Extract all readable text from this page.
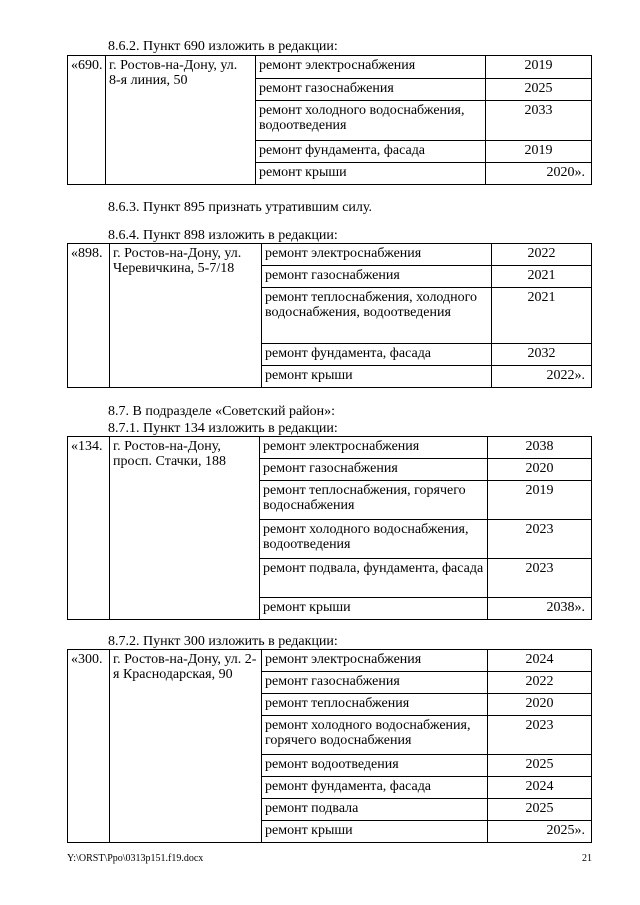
8.6.2. Пункт 690 изложить в редакции:
«690.	г. Ростов-на-Дону, ул. 8-я линия, 50	ремонт электроснабжения	2019
		ремонт газоснабжения	2025
		ремонт холодного водоснабжения, водоотведения	2033
		ремонт фундамента, фасада	2019
		ремонт крыши	2020».
8.6.3. Пункт 895 признать утратившим силу.
8.6.4. Пункт 898 изложить в редакции:
«898.	г. Ростов-на-Дону, ул. Черевичкина, 5-7/18	ремонт электроснабжения	2022
		ремонт газоснабжения	2021
		ремонт теплоснабжения, холодного водоснабжения, водоотведения	2021
		ремонт фундамента, фасада	2032
		ремонт крыши	2022».
8.7. В подразделе «Советский район»:
8.7.1. Пункт 134 изложить в редакции:
«134.	г. Ростов-на-Дону, просп. Стачки, 188	ремонт электроснабжения	2038
		ремонт газоснабжения	2020
		ремонт теплоснабжения, горячего водоснабжения	2019
		ремонт холодного водоснабжения, водоотведения	2023
		ремонт подвала, фундамента, фасада	2023
		ремонт крыши	2038».
8.7.2. Пункт 300 изложить в редакции:
«300.	г. Ростов-на-Дону, ул. 2-я Краснодарская, 90	ремонт электроснабжения	2024
		ремонт газоснабжения	2022
		ремонт теплоснабжения	2020
		ремонт холодного водоснабжения, горячего водоснабжения	2023
		ремонт водоотведения	2025
		ремонт фундамента, фасада	2024
		ремонт подвала	2025
		ремонт крыши	2025».
Y:\ORST\Ppo\0313p151.f19.docx	21
